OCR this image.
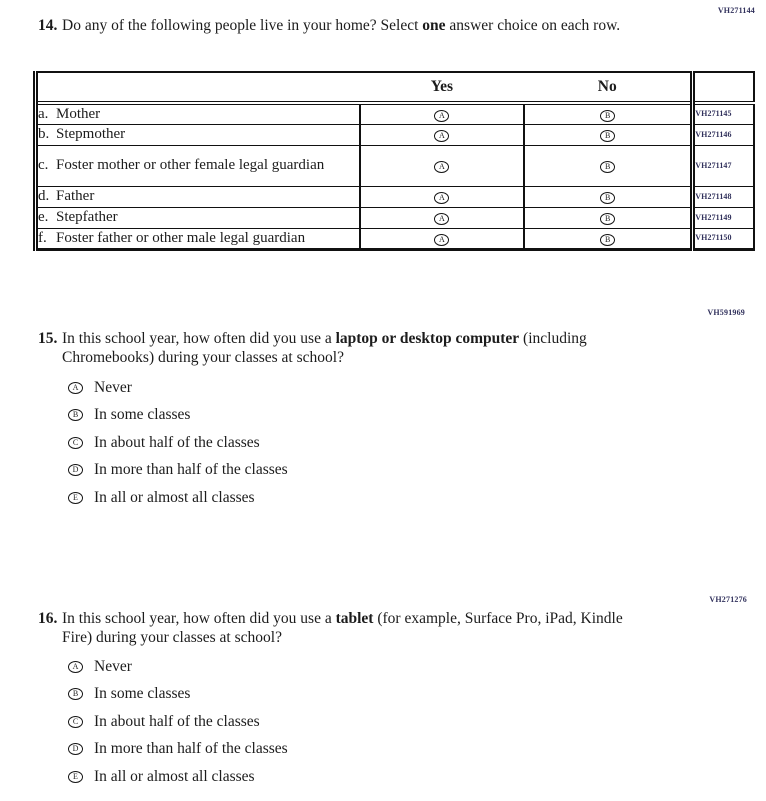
VH271144
14. Do any of the following people live in your home? Select one answer choice on each row.
	Yes	No	

a. Mother	A	B	VH271145

b. Stepmother	A	B	VH271146

c. Foster mother or other female legal guardian	A	B	VH271147

d. Father	A	B	VH271148

e. Stepfather	A	B	VH271149

f. Foster father or other male legal guardian	A	B	VH271150
VH591969
15. In this school year, how often did you use a laptop or desktop computer (including Chromebooks) during your classes at school?
A Never
B	In some classes
C	In about half of the classes
D In more than half of the classes
E	In all or almost all classes
VH271276
16. In this school year, how often did you use a tablet (for example, Surface Pro, iPad, Kindle Fire) during your classes at school?
A Never
B	In some classes
C	In about half of the classes
D In more than half of the classes
E	In all or almost all classes
